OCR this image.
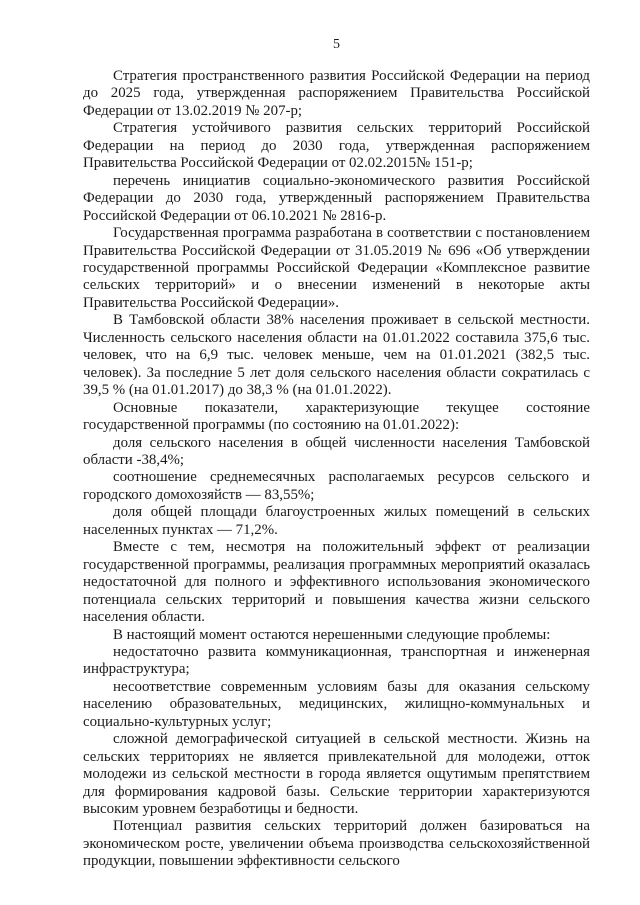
5

Стратегия пространственного развития Российской Федерации на период до 2025 года, утвержденная распоряжением Правительства Российской Федерации от 13.02.2019 № 207-р;

Стратегия устойчивого развития сельских территорий Российской Федерации на период до 2030 года, утвержденная распоряжением Правительства Российской Федерации от 02.02.2015№ 151-р;

перечень инициатив социально-экономического развития Российской Федерации до 2030 года, утвержденный распоряжением Правительства Российской Федерации от 06.10.2021 № 2816-р.

Государственная программа разработана в соответствии с постановлением Правительства Российской Федерации от 31.05.2019 № 696 «Об утверждении государственной программы Российской Федерации «Комплексное развитие сельских территорий» и о внесении изменений в некоторые акты Правительства Российской Федерации».

В Тамбовской области 38% населения проживает в сельской местности. Численность сельского населения области на 01.01.2022 составила 375,6 тыс. человек, что на 6,9 тыс. человек меньше, чем на 01.01.2021 (382,5 тыс. человек). За последние 5 лет доля сельского населения области сократилась с 39,5 % (на 01.01.2017) до 38,3 % (на 01.01.2022).

Основные показатели, характеризующие текущее состояние государственной программы (по состоянию на 01.01.2022):

доля сельского населения в общей численности населения Тамбовской области -38,4%;

соотношение среднемесячных располагаемых ресурсов сельского и городского домохозяйств — 83,55%;

доля общей площади благоустроенных жилых помещений в сельских населенных пунктах — 71,2%.

Вместе с тем, несмотря на положительный эффект от реализации государственной программы, реализация программных мероприятий оказалась недостаточной для полного и эффективного использования экономического потенциала сельских территорий и повышения качества жизни сельского населения области.

В настоящий момент остаются нерешенными следующие проблемы:

недостаточно развита коммуникационная, транспортная и инженерная инфраструктура;

несоответствие современным условиям базы для оказания сельскому населению образовательных, медицинских, жилищно-коммунальных и социально-культурных услуг;

сложной демографической ситуацией в сельской местности. Жизнь на сельских территориях не является привлекательной для молодежи, отток молодежи из сельской местности в города является ощутимым препятствием для формирования кадровой базы. Сельские территории характеризуются высоким уровнем безработицы и бедности.

Потенциал развития сельских территорий должен базироваться на экономическом росте, увеличении объема производства сельскохозяйственной продукции, повышении эффективности сельского
